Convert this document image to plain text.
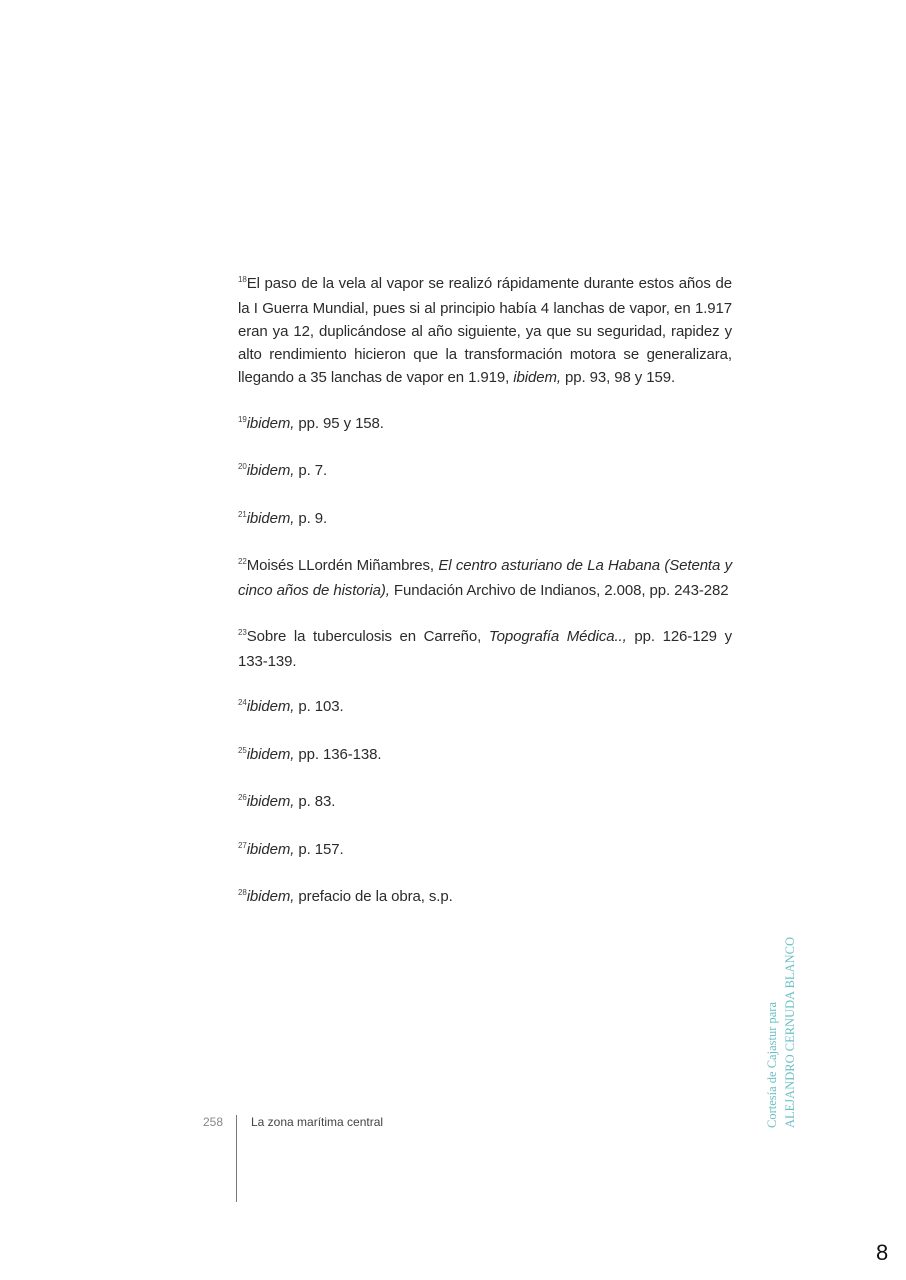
$^{18}$El paso de la vela al vapor se realizó rápidamente durante estos años de la I Guerra Mundial, pues si al principio había 4 lanchas de vapor, en 1.917 eran ya 12, duplicándose al año siguiente, ya que su seguridad, rapidez y alto rendimiento hicieron que la transformación motora se generalizara, llegando a 35 lanchas de vapor en 1.919, ibidem, pp. 93, 98 y 159.

$^{19}$ibidem, pp. 95 y 158.

$^{20}$ibidem, p. 7.

$^{21}$ibidem, p. 9.

$^{22}$Moisés LLordén Miñambres, El centro asturiano de La Habana (Setenta y cinco años de historia), Fundación Archivo de Indianos, 2.008, pp. 243-282

$^{23}$Sobre la tuberculosis en Carreño, Topografía Médica.., pp. 126-129 y 133-139.

$^{24}$ibidem, p. 103.

$^{25}$ibidem, pp. 136-138.

$^{26}$ibidem, p. 83.

$^{27}$ibidem, p. 157.

$^{28}$ibidem, prefacio de la obra, s.p.

258 La zona marítima central	Cortesía de Cajastur para ALEJANDRO CERNUDA BLANCO
8
